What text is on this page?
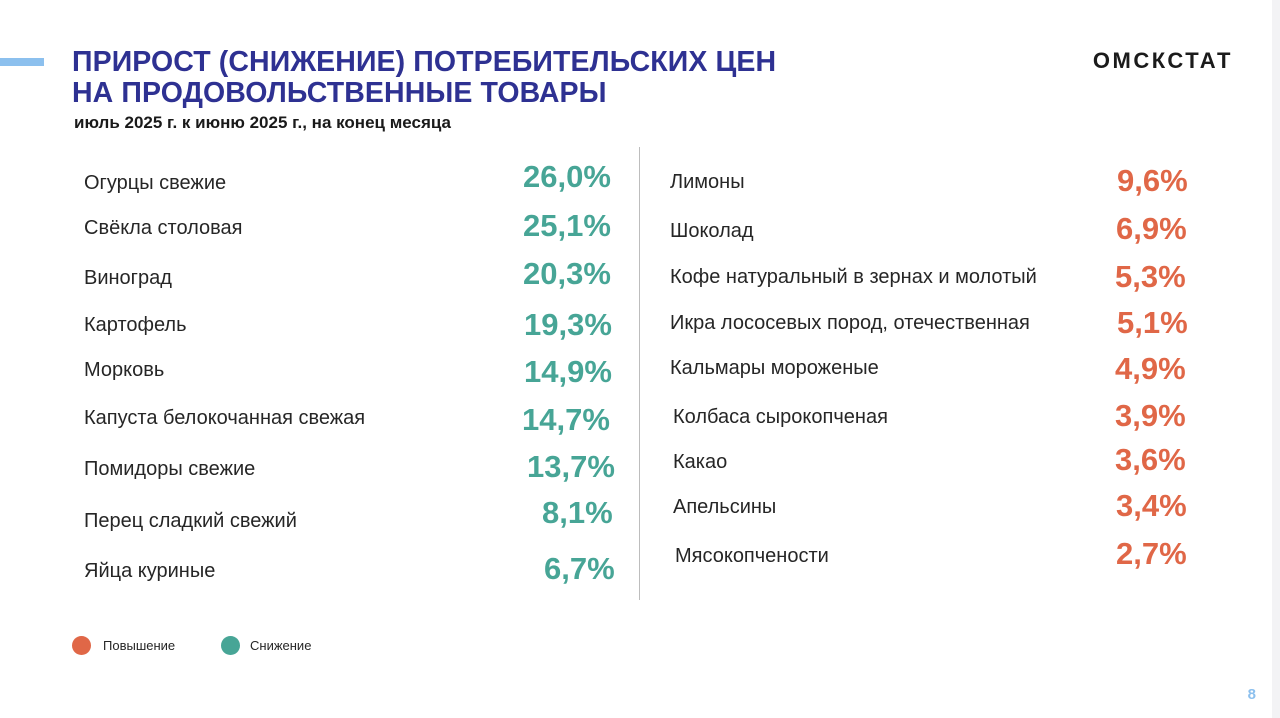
ПРИРОСТ (СНИЖЕНИЕ) ПОТРЕБИТЕЛЬСКИХ ЦЕН
НА ПРОДОВОЛЬСТВЕННЫЕ ТОВАРЫ
июль 2025 г. к июню 2025 г., на конец месяца
ОМСКСТАТ
Огурцы свежие	26,0%
Свёкла столовая	25,1%
Виноград	20,3%
Картофель	19,3%
Морковь	14,9%
Капуста белокочанная свежая	14,7%
Помидоры свежие	13,7%
Перец сладкий свежий	8,1%
Яйца куриные	6,7%
Лимоны	9,6%
Шоколад	6,9%
Кофе натуральный в зернах и молотый	5,3%
Икра лососевых пород, отечественная	5,1%
Кальмары мороженые	4,9%
Колбаса сырокопченая	3,9%
Какао	3,6%
Апельсины	3,4%
Мясокопчености	2,7%
Повышение	Снижение
8
